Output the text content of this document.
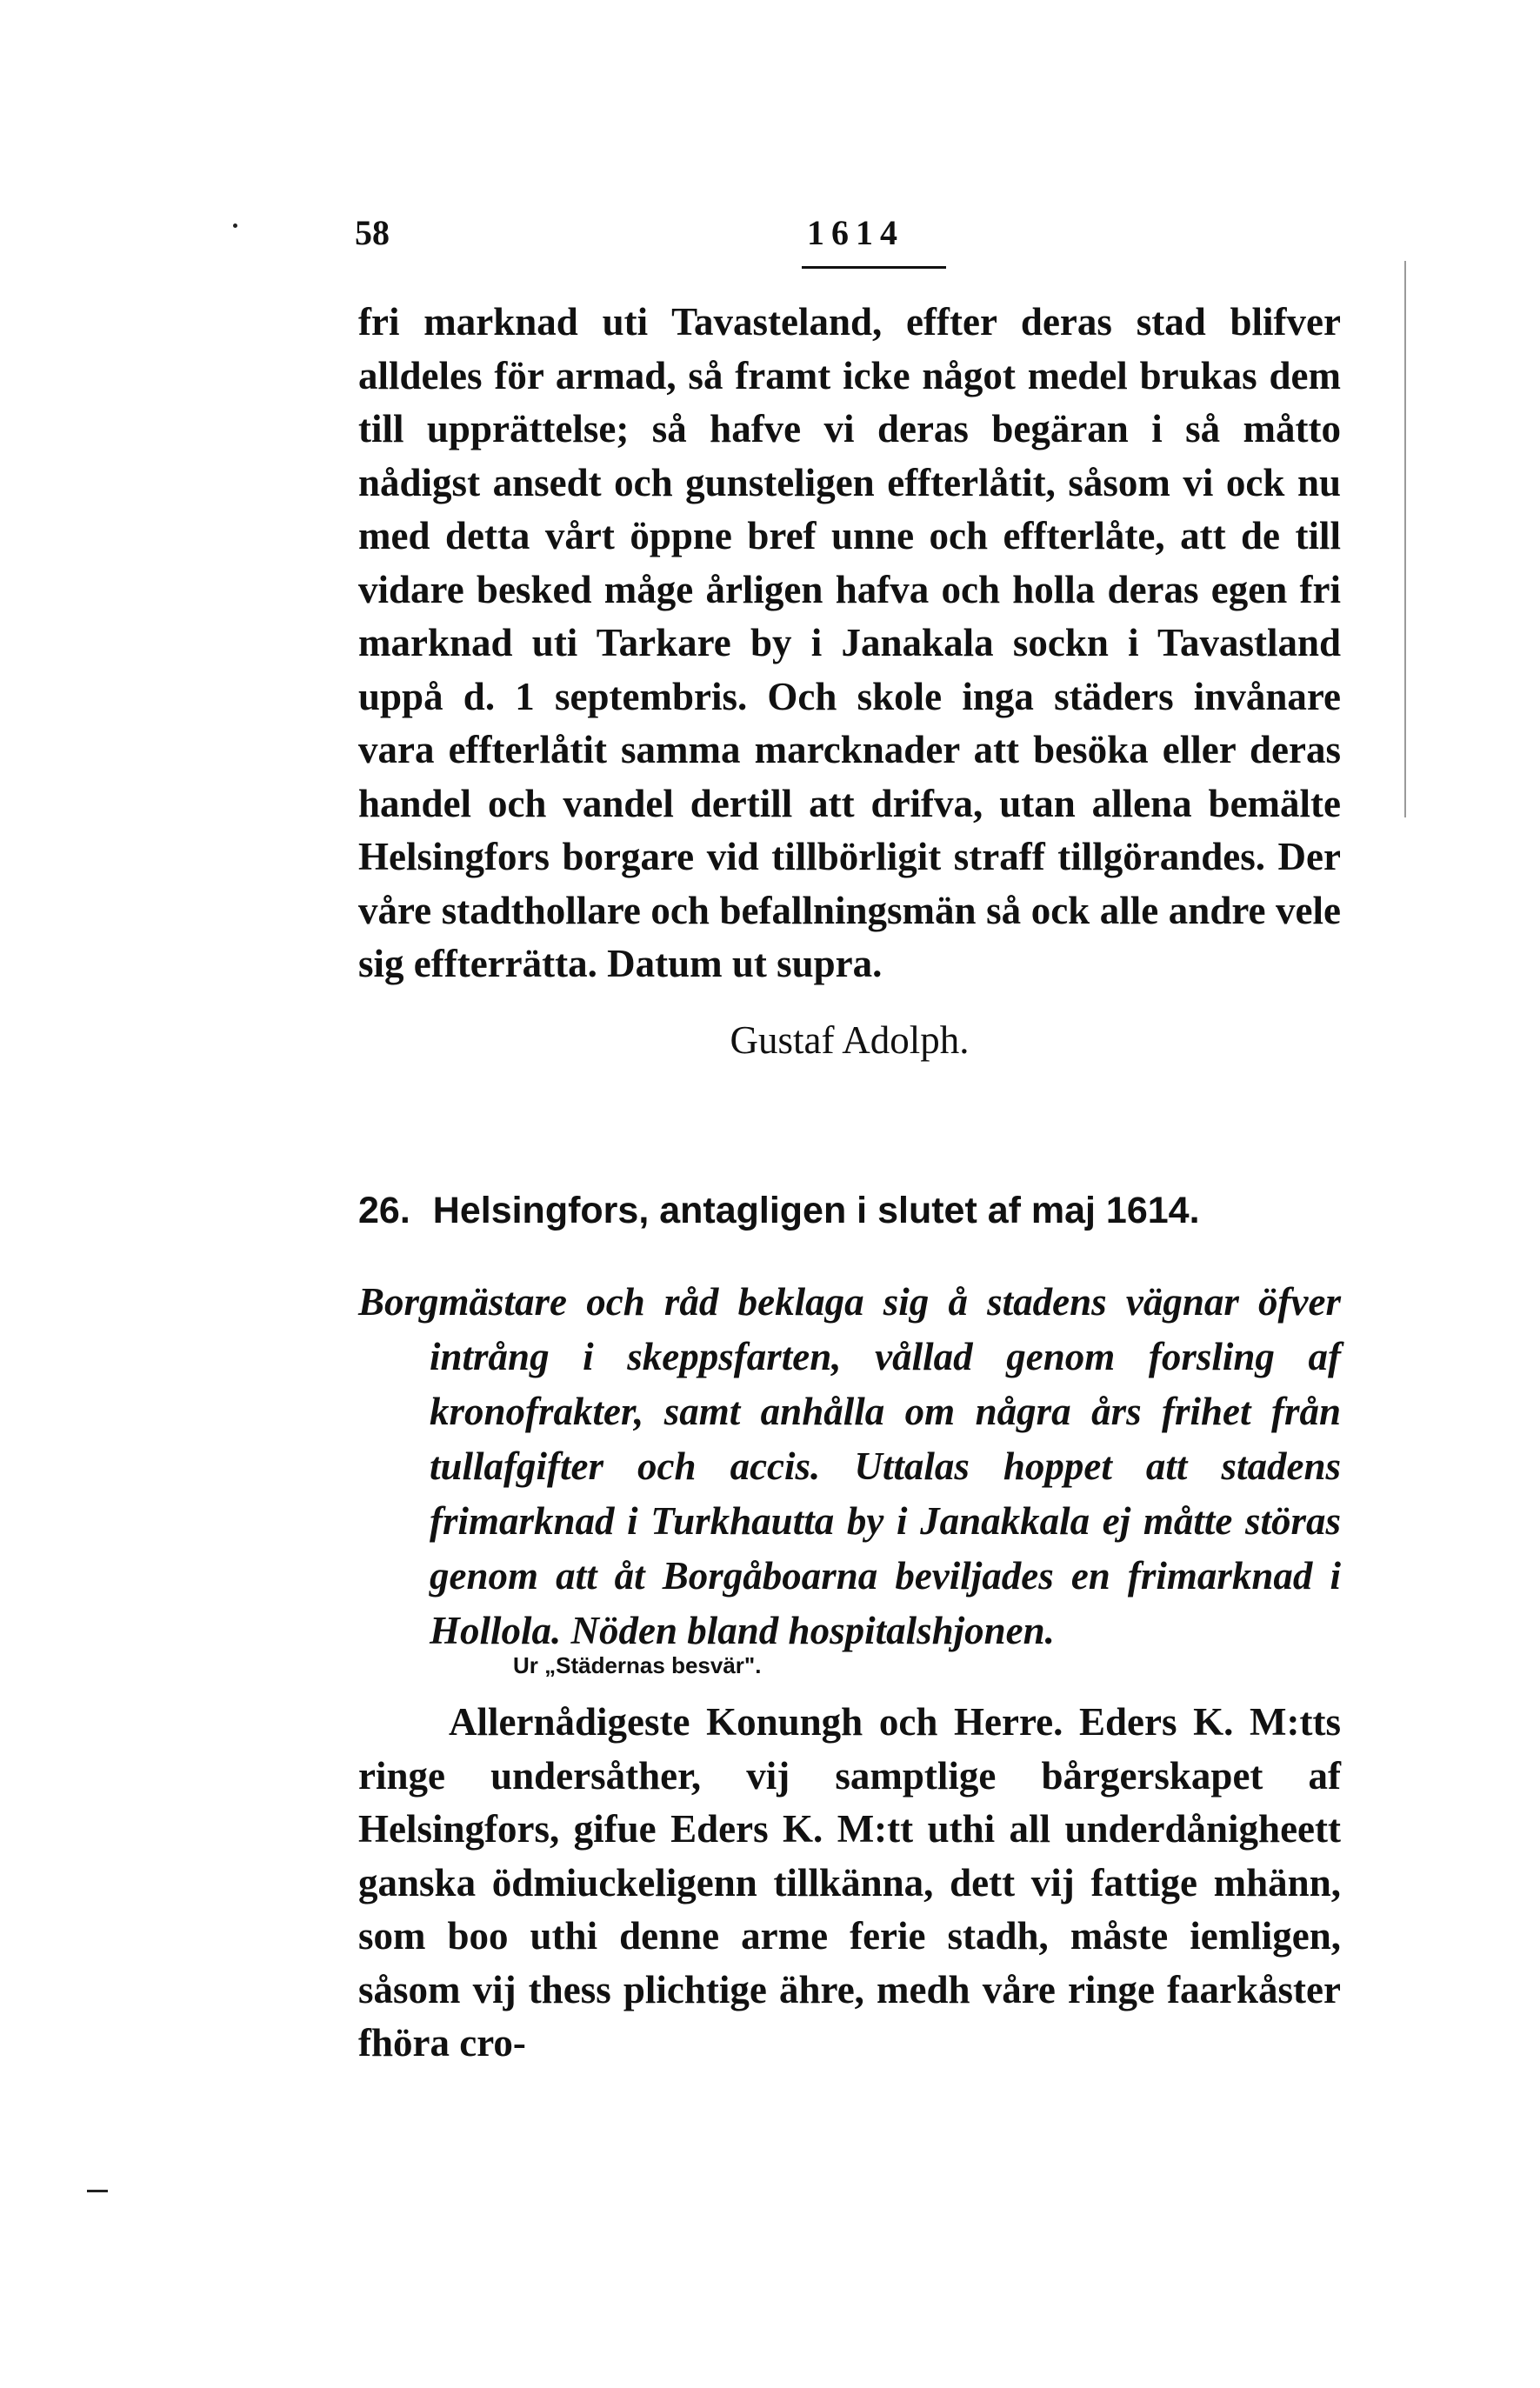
58	1614

fri marknad uti Tavasteland, effter deras stad blifver alldeles för armad, så framt icke något medel brukas dem till upprättelse; så hafve vi deras begäran i så måtto nådigst ansedt och gunsteligen effterlåtit, såsom vi ock nu med detta vårt öppne bref unne och effterlåte, att de till vidare besked måge årligen hafva och holla deras egen fri marknad uti Tarkare by i Janakala sockn i Tavastland uppå d. 1 septembris. Och skole inga städers invånare vara effterlåtit samma marcknader att besöka eller deras handel och vandel dertill att drifva, utan allena bemälte Helsingfors borgare vid tillbörligit straff tillgörandes. Der våre stadthollare och befallningsmän så ock alle andre vele sig effterrätta. Datum ut supra.

Gustaf Adolph.
26. Helsingfors, antagligen i slutet af maj 1614.
Borgmästare och råd beklaga sig å stadens vägnar öfver intrång i skeppsfarten, vållad genom forsling af kronofrakter, samt anhålla om några års frihet från tullafgifter och accis. Uttalas hoppet att stadens frimarknad i Turkhautta by i Janakkala ej måtte störas genom att åt Borgåboarna beviljades en frimarknad i Hollola. Nöden bland hospitalshjonen.
Ur „Städernas besvär".

Allernådigeste Konungh och Herre. Eders K. M:tts ringe undersåther, vij samptlige bårgerskapet af Helsingfors, gifue Eders K. M:tt uthi all underdånigheett ganska ödmiuckeligenn tillkänna, dett vij fattige mhänn, som boo uthi denne arme ferie stadh, måste iemligen, såsom vij thess plichtige ähre, medh våre ringe faarkåster fhöra cro-
